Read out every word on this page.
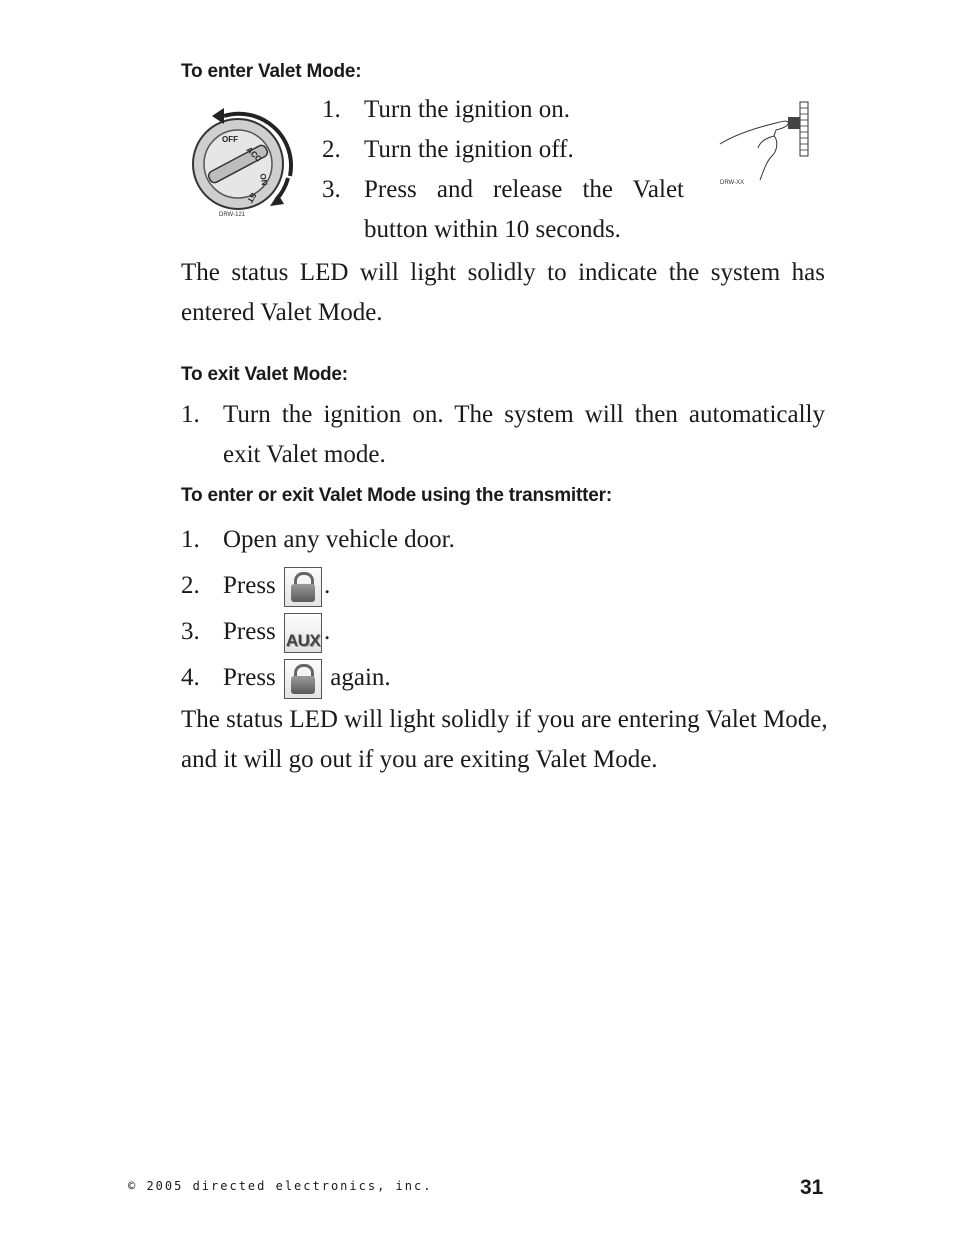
To enter Valet Mode:
OFF
ACC
ON
ST
DRW-121
1. Turn the ignition on.
2. Turn the ignition off.
3. Press and release the Valet
button within 10 seconds.
DRW-XX
The status LED will light solidly to indicate the system has
entered Valet Mode.
To exit Valet Mode:
1. Turn the ignition on. The system will then automatically
exit Valet mode.
To enter or exit Valet Mode using the transmitter:
1. Open any vehicle door.
2. Press .
3. Press AUX .
4. Press again.
The status LED will light solidly if you are entering Valet Mode,
and it will go out if you are exiting Valet Mode.
© 2005 directed electronics, inc.	31
